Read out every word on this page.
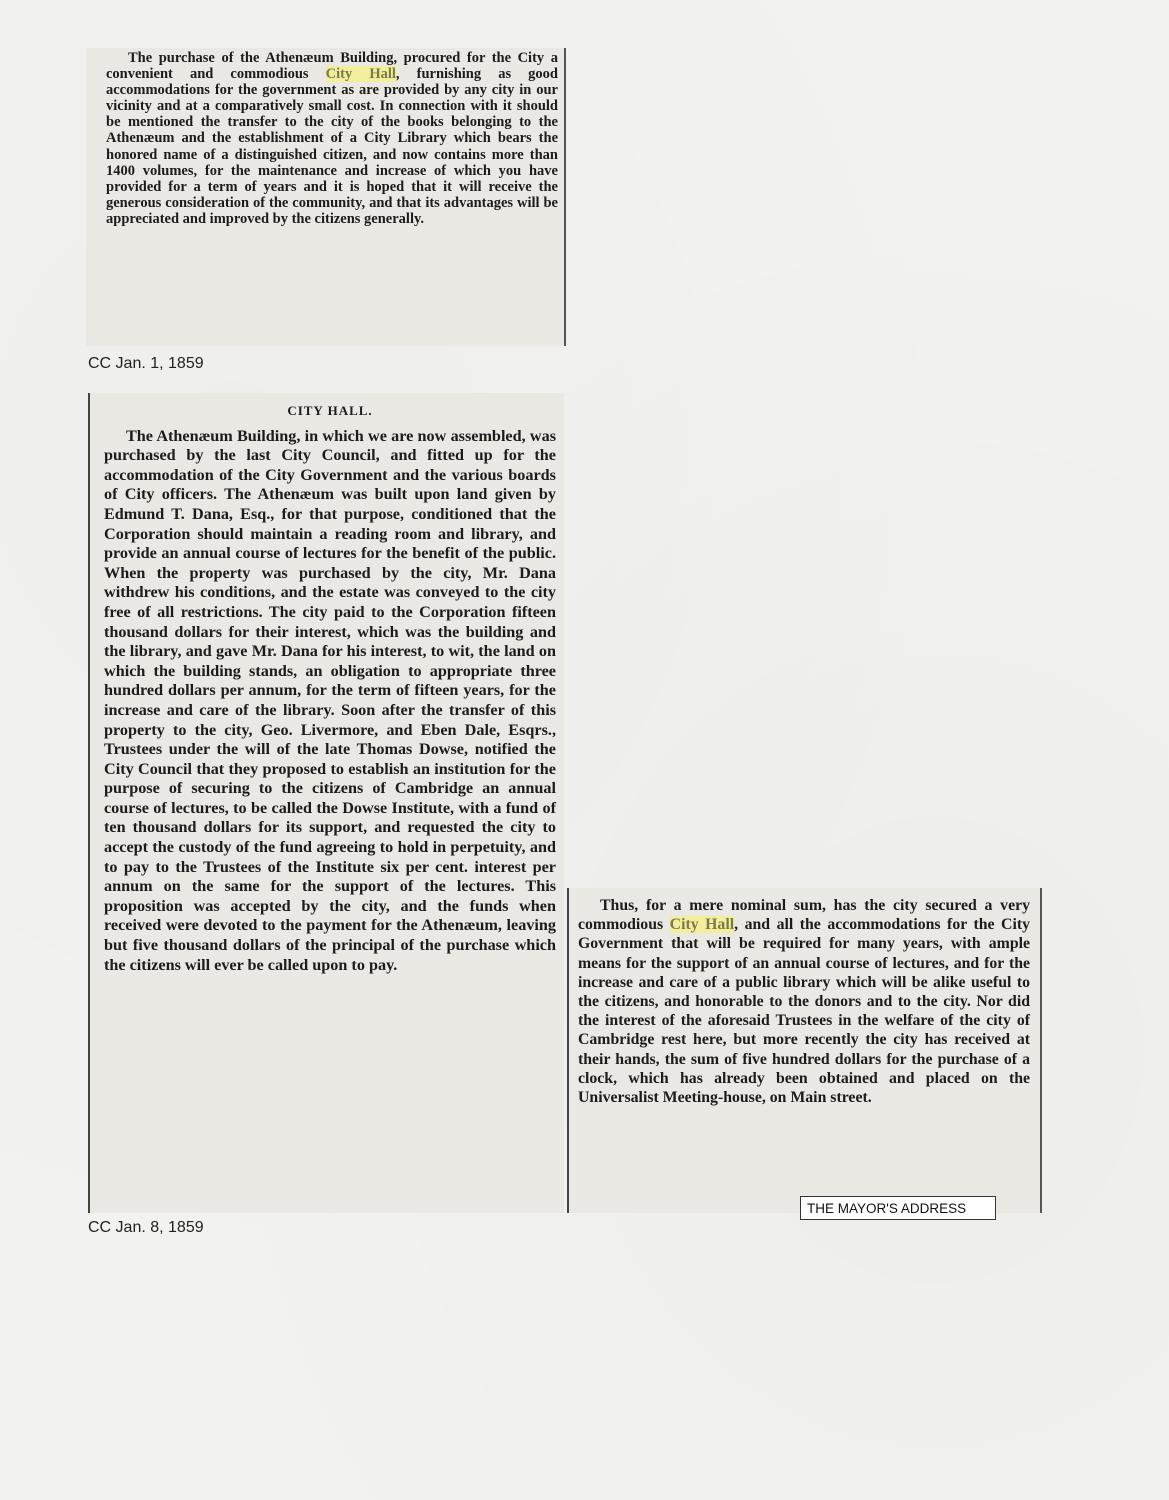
The purchase of the Athenæum Building, procured for the City a convenient and commodious City Hall, furnishing as good accommodations for the government as are provided by any city in our vicinity and at a comparatively small cost. In connection with it should be mentioned the transfer to the city of the books belonging to the Athenæum and the establishment of a City Library which bears the honored name of a distinguished citizen, and now contains more than 1400 volumes, for the maintenance and increase of which you have provided for a term of years and it is hoped that it will receive the generous consideration of the community, and that its advantages will be appreciated and improved by the citizens generally.

CC Jan. 1, 1859
CITY HALL.

The Athenæum Building, in which we are now assembled, was purchased by the last City Council, and fitted up for the accommodation of the City Government and the various boards of City officers. The Athenæum was built upon land given by Edmund T. Dana, Esq., for that purpose, conditioned that the Corporation should maintain a reading room and library, and provide an annual course of lectures for the benefit of the public. When the property was purchased by the city, Mr. Dana withdrew his conditions, and the estate was conveyed to the city free of all restrictions. The city paid to the Corporation fifteen thousand dollars for their interest, which was the building and the library, and gave Mr. Dana for his interest, to wit, the land on which the building stands, an obligation to appropriate three hundred dollars per annum, for the term of fifteen years, for the increase and care of the library. Soon after the transfer of this property to the city, Geo. Livermore, and Eben Dale, Esqrs., Trustees under the will of the late Thomas Dowse, notified the City Council that they proposed to establish an institution for the purpose of securing to the citizens of Cambridge an annual course of lectures, to be called the Dowse Institute, with a fund of ten thousand dollars for its support, and requested the city to accept the custody of the fund agreeing to hold in perpetuity, and to pay to the Trustees of the Institute six per cent. interest per annum on the same for the support of the lectures. This proposition was accepted by the city, and the funds when received were devoted to the payment for the Athenæum, leaving but five thousand dollars of the principal of the purchase which the citizens will ever be called upon to pay.

CC Jan. 8, 1859

Thus, for a mere nominal sum, has the city secured a very commodious City Hall, and all the accommodations for the City Government that will be required for many years, with ample means for the support of an annual course of lectures, and for the increase and care of a public library which will be alike useful to the citizens, and honorable to the donors and to the city. Nor did the interest of the aforesaid Trustees in the welfare of the city of Cambridge rest here, but more recently the city has received at their hands, the sum of five hundred dollars for the purchase of a clock, which has already been obtained and placed on the Universalist Meeting-house, on Main street.

THE MAYOR'S ADDRESS
